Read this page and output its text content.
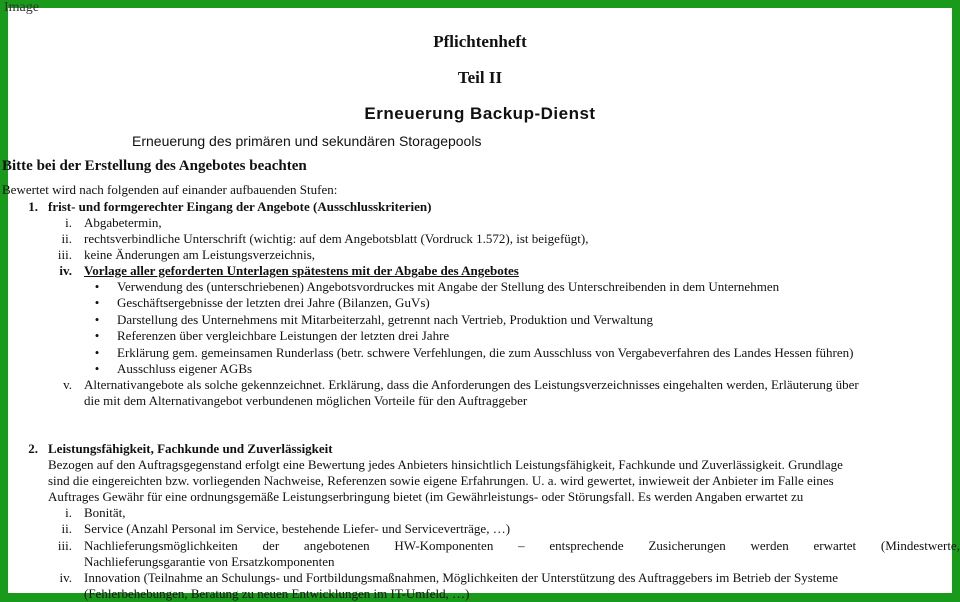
Image
Pflichtenheft
Teil II
Erneuerung Backup-Dienst
Erneuerung des primären und sekundären Storagepools
Bitte bei der Erstellung des Angebotes beachten
Bewertet wird nach folgenden auf einander aufbauenden Stufen:
1. frist- und formgerechter Eingang der Angebote (Ausschlusskriterien)
i. Abgabetermin,
ii. rechtsverbindliche Unterschrift (wichtig: auf dem Angebotsblatt (Vordruck 1.572), ist beigefügt),
iii. keine Änderungen am Leistungsverzeichnis,
iv. Vorlage aller geforderten Unterlagen spätestens mit der Abgabe des Angebotes
• Verwendung des (unterschriebenen) Angebotsvordruckes mit Angabe der Stellung des Unterschreibenden in dem Unternehmen
• Geschäftsergebnisse der letzten drei Jahre (Bilanzen, GuVs)
• Darstellung des Unternehmens mit Mitarbeiterzahl, getrennt nach Vertrieb, Produktion und Verwaltung
• Referenzen über vergleichbare Leistungen der letzten drei Jahre
• Erklärung gem. gemeinsamen Runderlass (betr. schwere Verfehlungen, die zum Ausschluss von Vergabeverfahren des Landes Hessen führen)
• Ausschluss eigener AGBs
v. Alternativangebote als solche gekennzeichnet. Erklärung, dass die Anforderungen des Leistungsverzeichnisses eingehalten werden, Erläuterung über
die mit dem Alternativangebot verbundenen möglichen Vorteile für den Auftraggeber
2. Leistungsfähigkeit, Fachkunde und Zuverlässigkeit
Bezogen auf den Auftragsgegenstand erfolgt eine Bewertung jedes Anbieters hinsichtlich Leistungsfähigkeit, Fachkunde und Zuverlässigkeit. Grundlage
sind die eingereichten bzw. vorliegenden Nachweise, Referenzen sowie eigene Erfahrungen. U. a. wird gewertet, inwieweit der Anbieter im Falle eines
Auftrages Gewähr für eine ordnungsgemäße Leistungserbringung bietet (im Gewährleistungs- oder Störungsfall. Es werden Angaben erwartet zu
i. Bonität,
ii. Service (Anzahl Personal im Service, bestehende Liefer- und Serviceverträge, …)
iii. Nachlieferungsmöglichkeiten der angebotenen HW-Komponenten – entsprechende Zusicherungen werden erwartet (Mindestwerte,
Nachlieferungsgarantie von Ersatzkomponenten
iv. Innovation (Teilnahme an Schulungs- und Fortbildungsmaßnahmen, Möglichkeiten der Unterstützung des Auftraggebers im Betrieb der Systeme
(Fehlerbehebungen, Beratung zu neuen Entwicklungen im IT-Umfeld, …)
